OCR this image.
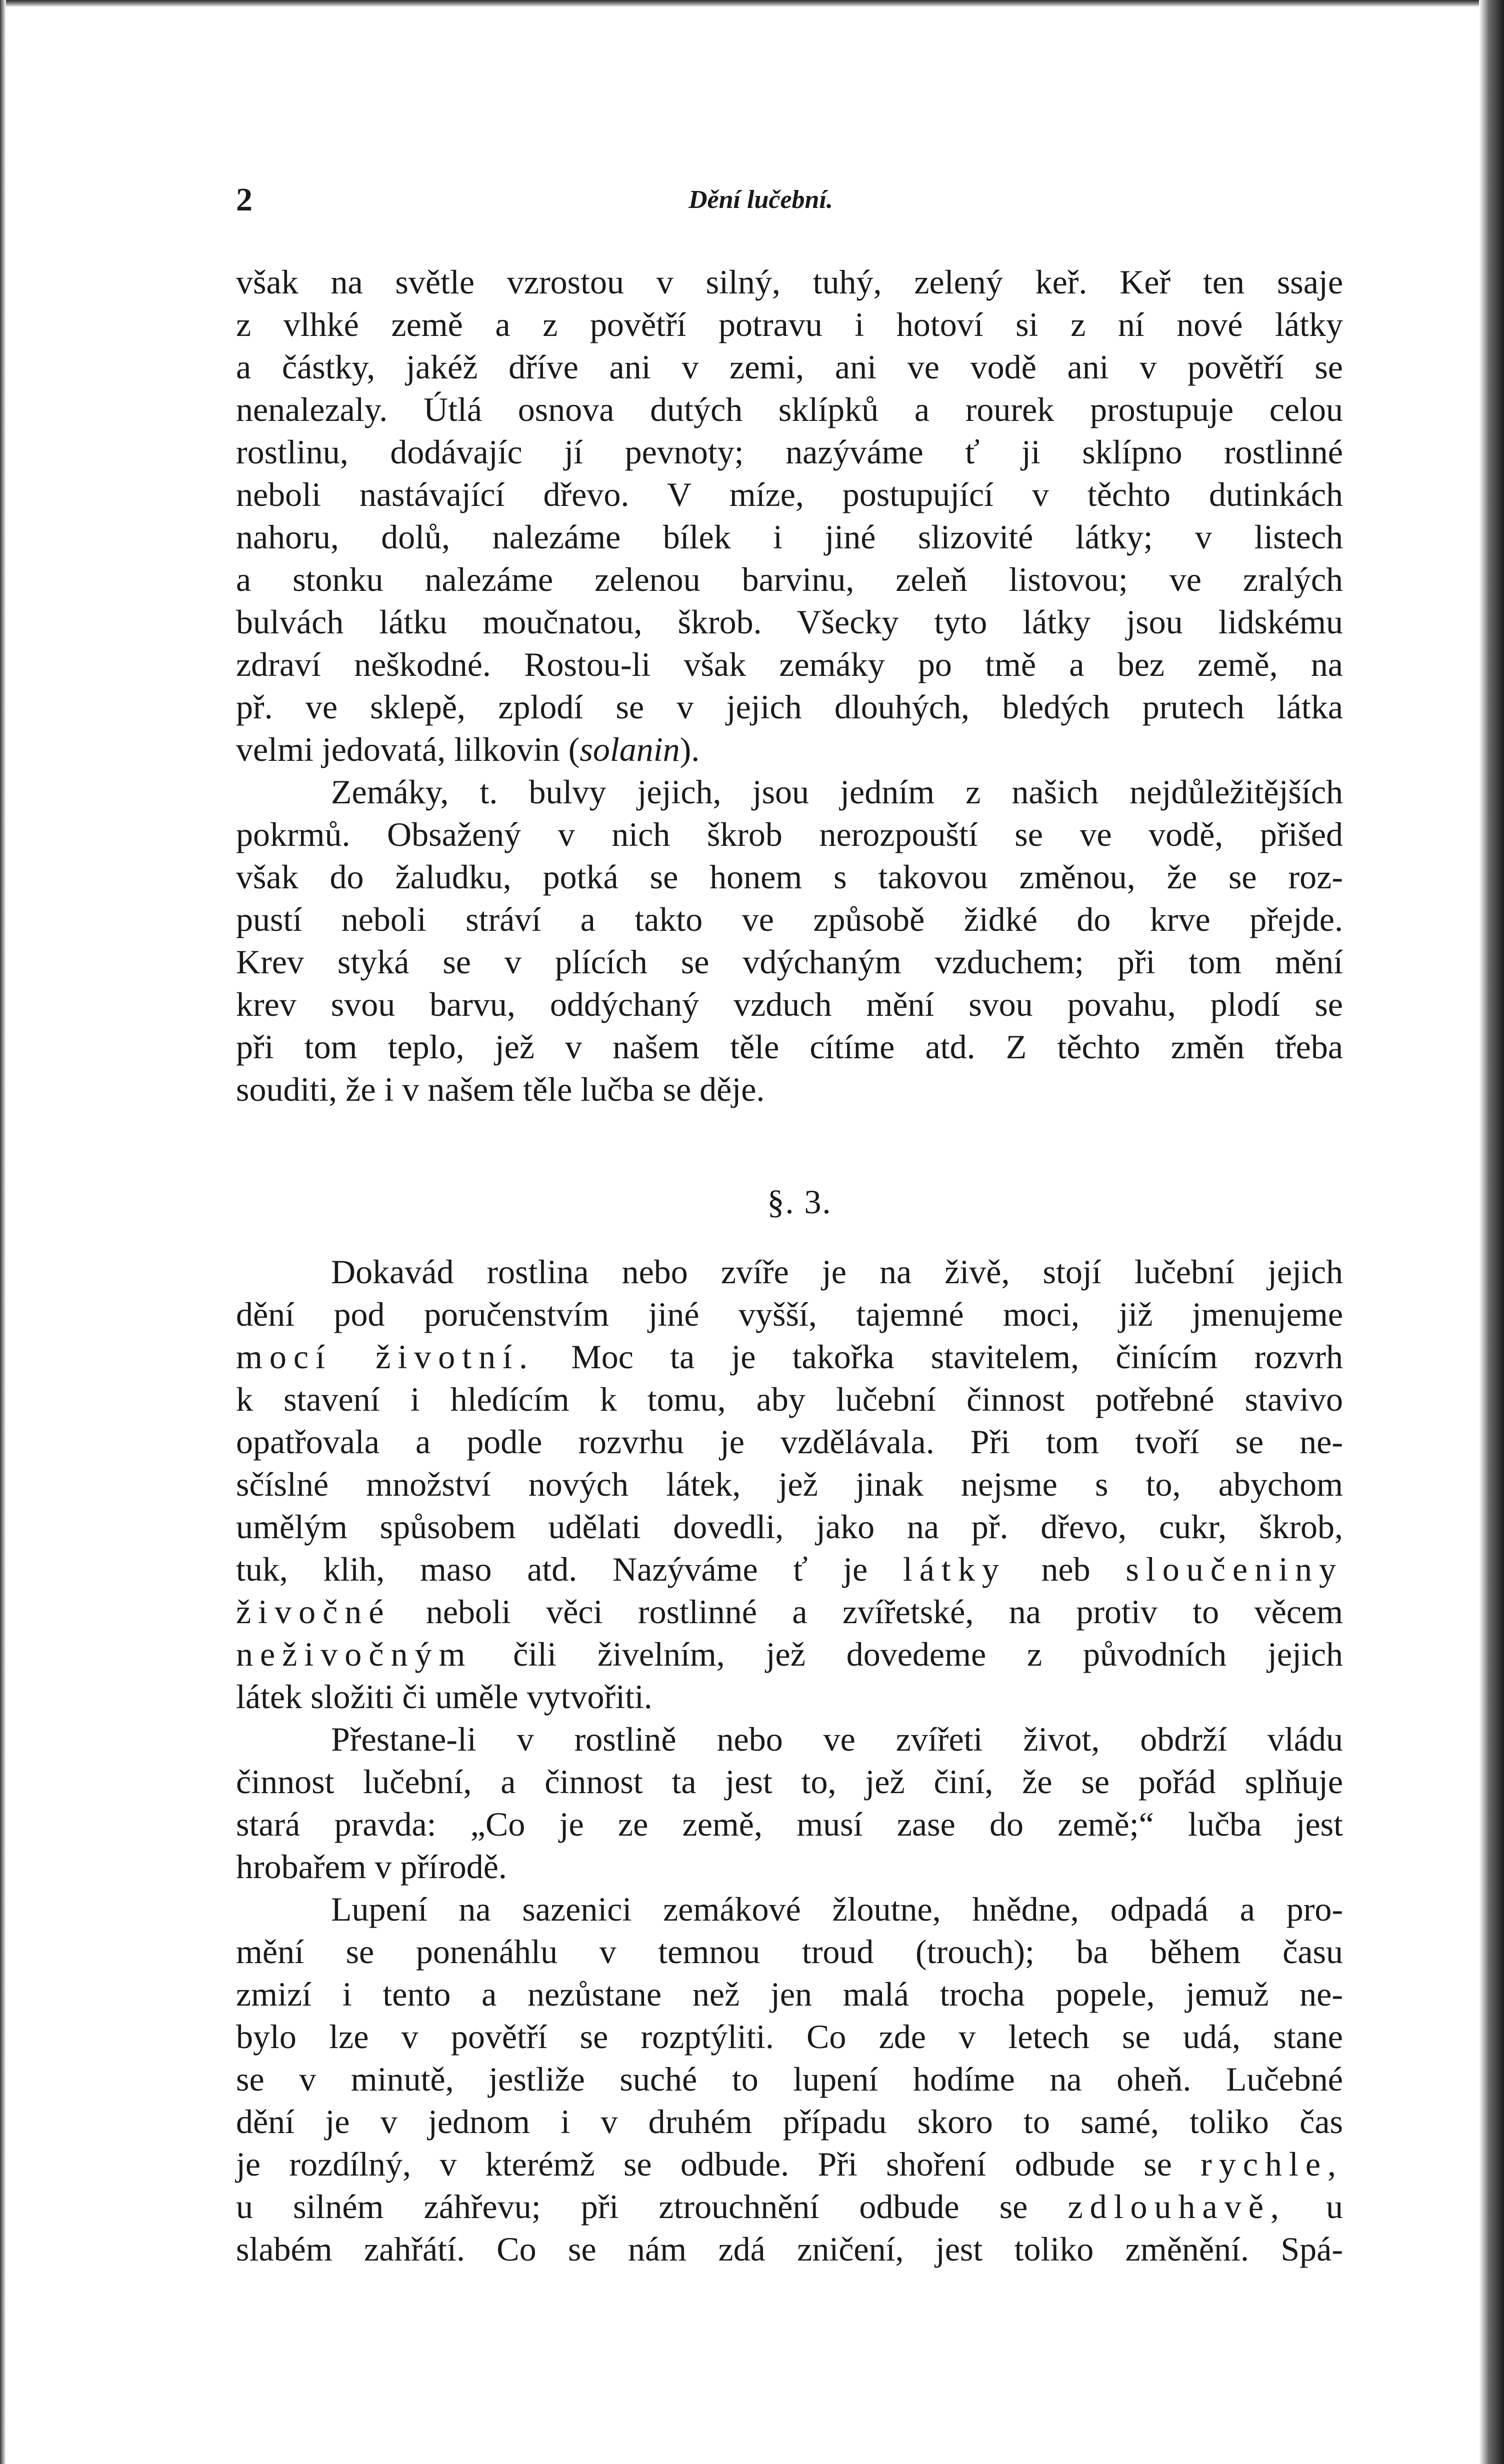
2	Dění lučební.
však na světle vzrostou v silný, tuhý, zelený keř. Keř ten ssaje
z vlhké země a z povětří potravu i hotoví si z ní nové látky
a částky, jakéž dříve ani v zemi, ani ve vodě ani v povětří se
nenalezaly. Útlá osnova dutých sklípků a rourek prostupuje celou
rostlinu, dodávajíc jí pevnoty; nazýváme ť ji sklípno rostlinné
neboli nastávající dřevo. V míze, postupující v těchto dutinkách
nahoru, dolů, nalezáme bílek i jiné slizovité látky; v listech
a stonku nalezáme zelenou barvinu, zeleň listovou; ve zralých
bulvách látku moučnatou, škrob. Všecky tyto látky jsou lidskému
zdraví neškodné. Rostou-li však zemáky po tmě a bez země, na
př. ve sklepě, zplodí se v jejich dlouhých, bledých prutech látka
velmi jedovatá, lilkovin (solanin).
Zemáky, t. bulvy jejich, jsou jedním z našich nejdůležitějších
pokrmů. Obsažený v nich škrob nerozpouští se ve vodě, přišed
však do žaludku, potká se honem s takovou změnou, že se roz-
pustí neboli stráví a takto ve způsobě židké do krve přejde.
Krev styká se v plících se vdýchaným vzduchem; při tom mění
krev svou barvu, oddýchaný vzduch mění svou povahu, plodí se
při tom teplo, jež v našem těle cítíme atd. Z těchto změn třeba
souditi, že i v našem těle lučba se děje.
§. 3.
Dokavád rostlina nebo zvíře je na živě, stojí lučební jejich
dění pod poručenstvím jiné vyšší, tajemné moci, již jmenujeme
mocí životní. Moc ta je takořka stavitelem, činícím rozvrh
k stavení i hledícím k tomu, aby lučební činnost potřebné stavivo
opatřovala a podle rozvrhu je vzdělávala. Při tom tvoří se ne-
sčíslné množství nových látek, jež jinak nejsme s to, abychom
umělým spůsobem udělati dovedli, jako na př. dřevo, cukr, škrob,
tuk, klih, maso atd. Nazýváme ť je látky neb sloučeniny
živočné neboli věci rostlinné a zvířetské, na protiv to věcem
neživočným čili živelním, jež dovedeme z původních jejich
látek složiti či uměle vytvořiti.
Přestane-li v rostlině nebo ve zvířeti život, obdrží vládu
činnost lučební, a činnost ta jest to, jež činí, že se pořád splňuje
stará pravda: „Co je ze země, musí zase do země;“ lučba jest
hrobařem v přírodě.
Lupení na sazenici zemákové žloutne, hnědne, odpadá a pro-
mění se ponenáhlu v temnou troud (trouch); ba během času
zmizí i tento a nezůstane než jen malá trocha popele, jemuž ne-
bylo lze v povětří se rozptýliti. Co zde v letech se udá, stane
se v minutě, jestliže suché to lupení hodíme na oheň. Lučebné
dění je v jednom i v druhém případu skoro to samé, toliko čas
je rozdílný, v kterémž se odbude. Při shoření odbude se rychle,
u silném záhřevu; při ztrouchnění odbude se zdlouhavě, u
slabém zahřátí. Co se nám zdá zničení, jest toliko změnění. Spá-
